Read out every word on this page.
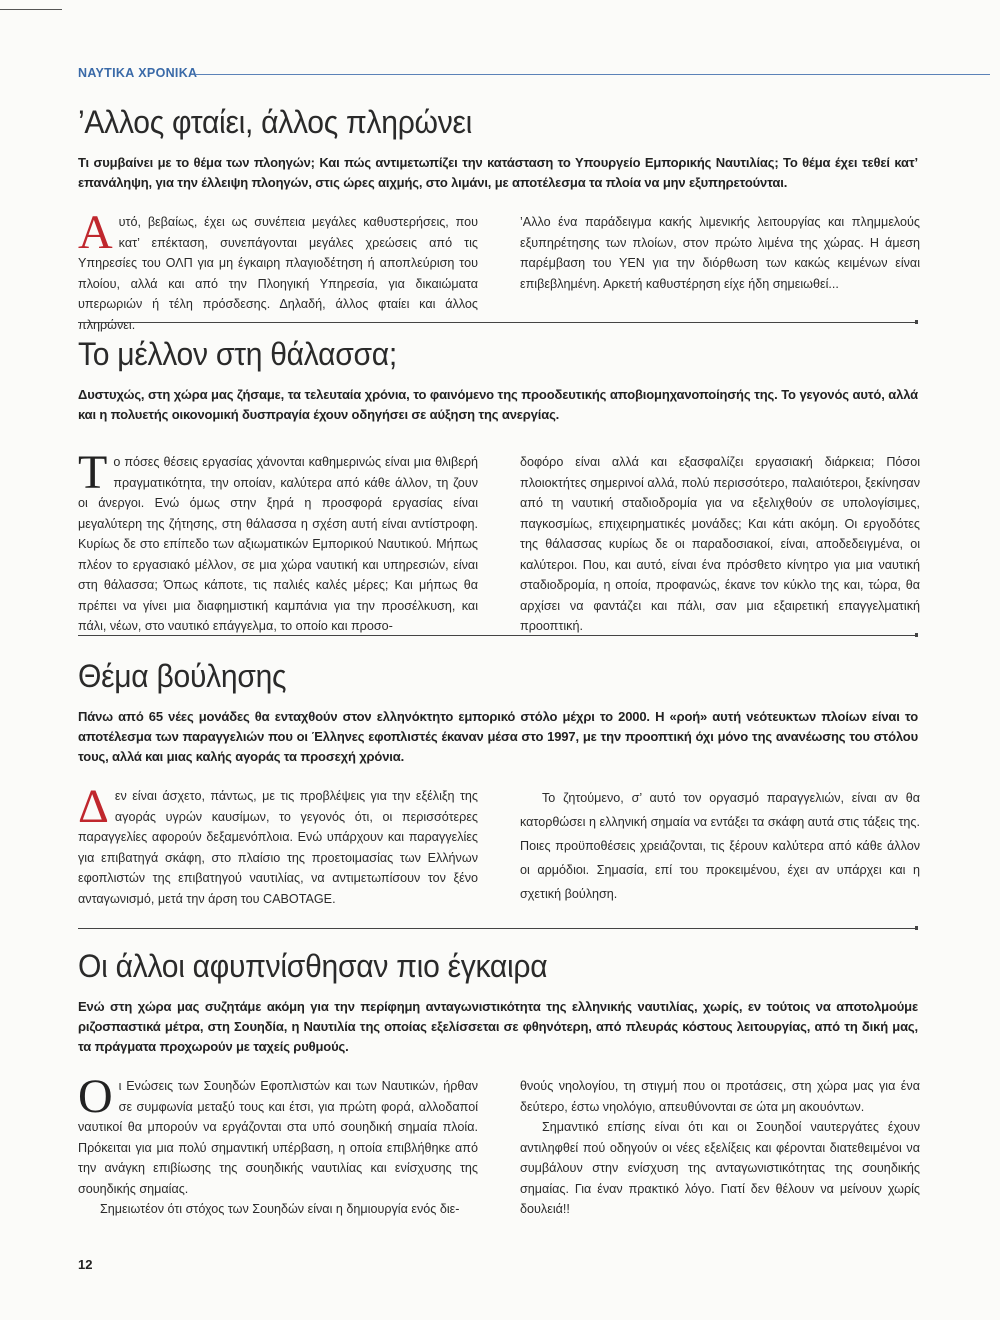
ΝΑΥΤΙΚΑ ΧΡΟΝΙΚΑ
’Αλλος φταίει, άλλος πληρώνει

Τι συμβαίνει με το θέμα των πλοηγών; Και πώς αντιμετωπίζει την κατάσταση το Υπουργείο Εμπορικής Ναυτιλίας; Το θέμα έχει τεθεί κατ’ επανάληψη, για την έλλειψη πλοηγών, στις ώρες αιχμής, στο λιμάνι, με αποτέλεσμα τα πλοία να μην εξυπηρετούνται.

Αυτό, βεβαίως, έχει ως συνέπεια μεγάλες καθυστερήσεις, που κατ’ επέκταση, συνεπάγονται μεγάλες χρεώσεις από τις Υπηρεσίες του ΟΛΠ για μη έγκαιρη πλαγιοδέτηση ή αποπλεύριση του πλοίου, αλλά και από την Πλοηγική Υπηρεσία, για δικαιώματα υπερωριών ή τέλη πρόσδεσης. Δηλαδή, άλλος φταίει και άλλος πληρώνει.

’Αλλο ένα παράδειγμα κακής λιμενικής λειτουργίας και πλημμελούς εξυπηρέτησης των πλοίων, στον πρώτο λιμένα της χώρας. Η άμεση παρέμβαση του ΥΕΝ για την διόρθωση των κακώς κειμένων είναι επιβεβλημένη. Αρκετή καθυστέρηση είχε ήδη σημειωθεί...

Το μέλλον στη θάλασσα;

Δυστυχώς, στη χώρα μας ζήσαμε, τα τελευταία χρόνια, το φαινόμενο της προοδευτικής αποβιομηχανοποίησής της. Το γεγονός αυτό, αλλά και η πολυετής οικονομική δυσπραγία έχουν οδηγήσει σε αύξηση της ανεργίας.

Το πόσες θέσεις εργασίας χάνονται καθημερινώς είναι μια θλιβερή πραγματικότητα, την οποίαν, καλύτερα από κάθε άλλον, τη ζουν οι άνεργοι. Ενώ όμως στην ξηρά η προσφορά εργασίας είναι μεγαλύτερη της ζήτησης, στη θάλασσα η σχέση αυτή είναι αντίστροφη. Κυρίως δε στο επίπεδο των αξιωματικών Εμπορικού Ναυτικού. Μήπως πλέον το εργασιακό μέλλον, σε μια χώρα ναυτική και υπηρεσιών, είναι στη θάλασσα; Όπως κάποτε, τις παλιές καλές μέρες; Και μήπως θα πρέπει να γίνει μια διαφημιστική καμπάνια για την προσέλκυση, και πάλι, νέων, στο ναυτικό επάγγελμα, το οποίο και προσο-

δοφόρο είναι αλλά και εξασφαλίζει εργασιακή διάρκεια; Πόσοι πλοιοκτήτες σημερινοί αλλά, πολύ περισσότερο, παλαιότεροι, ξεκίνησαν από τη ναυτική σταδιοδρομία για να εξελιχθούν σε υπολογίσιμες, παγκοσμίως, επιχειρηματικές μονάδες; Και κάτι ακόμη. Οι εργοδότες της θάλασσας κυρίως δε οι παραδοσιακοί, είναι, αποδεδειγμένα, οι καλύτεροι. Που, και αυτό, είναι ένα πρόσθετο κίνητρο για μια ναυτική σταδιοδρομία, η οποία, προφανώς, έκανε τον κύκλο της και, τώρα, θα αρχίσει να φαντάζει και πάλι, σαν μια εξαιρετική επαγγελματική προοπτική.

Θέμα βούλησης

Πάνω από 65 νέες μονάδες θα ενταχθούν στον ελληνόκτητο εμπορικό στόλο μέχρι το 2000. Η «ροή» αυτή νεότευκτων πλοίων είναι το αποτέλεσμα των παραγγελιών που οι Έλληνες εφοπλιστές έκαναν μέσα στο 1997, με την προοπτική όχι μόνο της ανανέωσης του στόλου τους, αλλά και μιας καλής αγοράς τα προσεχή χρόνια.

Δεν είναι άσχετο, πάντως, με τις προβλέψεις για την εξέλιξη της αγοράς υγρών καυσίμων, το γεγονός ότι, οι περισσότερες παραγγελίες αφορούν δεξαμενόπλοια. Ενώ υπάρχουν και παραγγελίες για επιβατηγά σκάφη, στο πλαίσιο της προετοιμασίας των Ελλήνων εφοπλιστών της επιβατηγού ναυτιλίας, να αντιμετωπίσουν τον ξένο ανταγωνισμό, μετά την άρση του CABOTAGE.

Το ζητούμενο, σ’ αυτό τον οργασμό παραγγελιών, είναι αν θα κατορθώσει η ελληνική σημαία να εντάξει τα σκάφη αυτά στις τάξεις της. Ποιες προϋποθέσεις χρειάζονται, τις ξέρουν καλύτερα από κάθε άλλον οι αρμόδιοι. Σημασία, επί του προκειμένου, έχει αν υπάρχει και η σχετική βούληση.

Οι άλλοι αφυπνίσθησαν πιο έγκαιρα

Ενώ στη χώρα μας συζητάμε ακόμη για την περίφημη ανταγωνιστικότητα της ελληνικής ναυτιλίας, χωρίς, εν τούτοις να αποτολμούμε ριζοσπαστικά μέτρα, στη Σουηδία, η Ναυτιλία της οποίας εξελίσσεται σε φθηνότερη, από πλευράς κόστους λειτουργίας, από τη δική μας, τα πράγματα προχωρούν με ταχείς ρυθμούς.

Οι Ενώσεις των Σουηδών Εφοπλιστών και των Ναυτικών, ήρθαν σε συμφωνία μεταξύ τους και έτσι, για πρώτη φορά, αλλοδαποί ναυτικοί θα μπορούν να εργάζονται στα υπό σουηδική σημαία πλοία. Πρόκειται για μια πολύ σημαντική υπέρβαση, η οποία επιβλήθηκε από την ανάγκη επιβίωσης της σουηδικής ναυτιλίας και ενίσχυσης της σουηδικής σημαίας.

Σημειωτέον ότι στόχος των Σουηδών είναι η δημιουργία ενός διε-

θνούς νηολογίου, τη στιγμή που οι προτάσεις, στη χώρα μας για ένα δεύτερο, έστω νηολόγιο, απευθύνονται σε ώτα μη ακουόντων.

Σημαντικό επίσης είναι ότι και οι Σουηδοί ναυτεργάτες έχουν αντιληφθεί πού οδηγούν οι νέες εξελίξεις και φέρονται διατεθειμένοι να συμβάλουν στην ενίσχυση της ανταγωνιστικότητας της σουηδικής σημαίας. Για έναν πρακτικό λόγο. Γιατί δεν θέλουν να μείνουν χωρίς δουλειά!!

12
